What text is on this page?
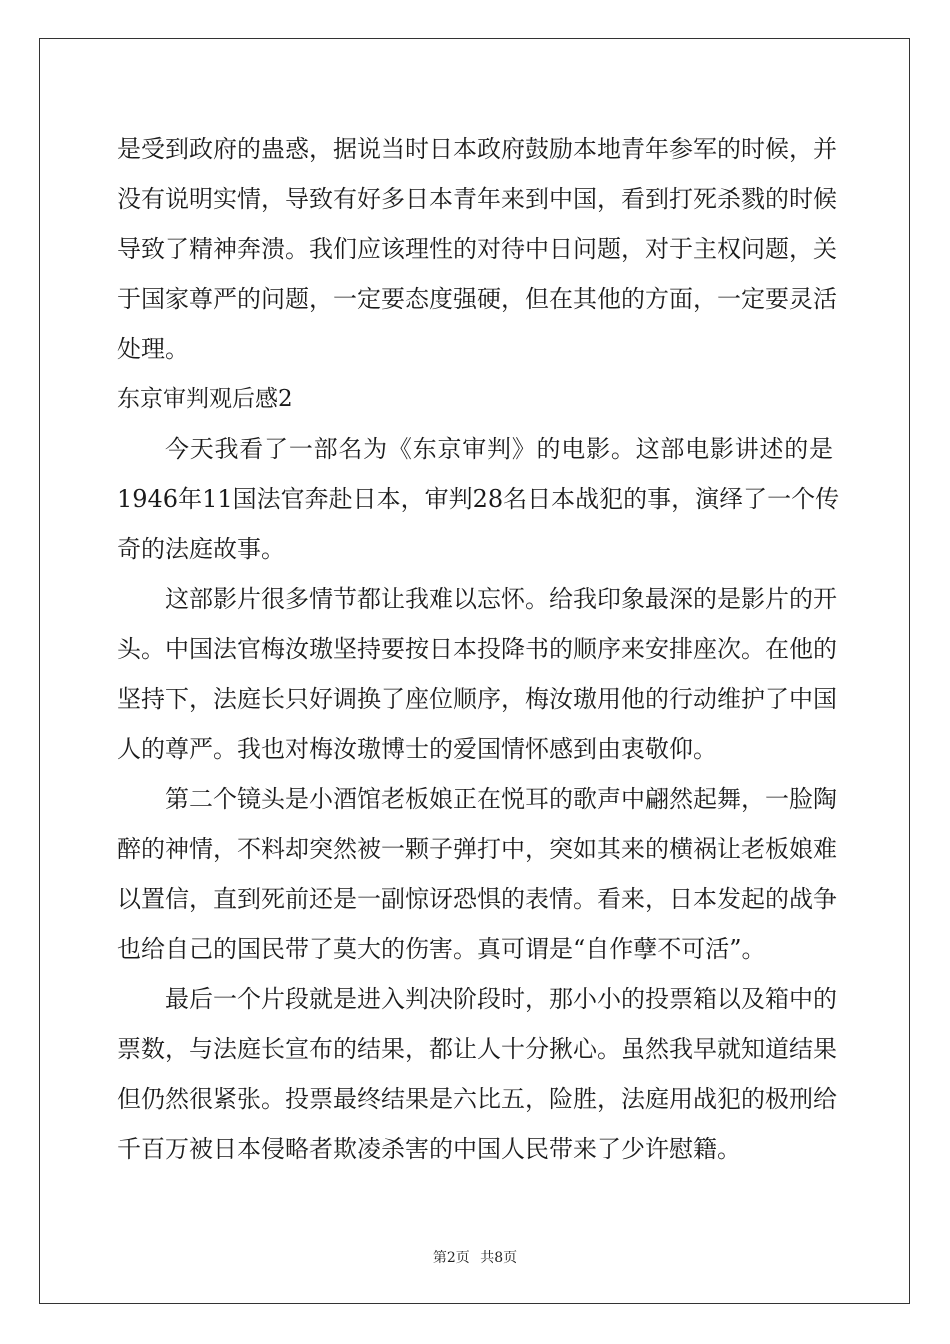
是受到政府的蛊惑，据说当时日本政府鼓励本地青年参军的时候，并
没有说明实情，导致有好多日本青年来到中国，看到打死杀戮的时候
导致了精神奔溃。我们应该理性的对待中日问题，对于主权问题，关
于国家尊严的问题，一定要态度强硬，但在其他的方面，一定要灵活
处理。
东京审判观后感2
今天我看了一部名为《东京审判》的电影。这部电影讲述的是
1946年11国法官奔赴日本，审判28名日本战犯的事，演绎了一个传
奇的法庭故事。
这部影片很多情节都让我难以忘怀。给我印象最深的是影片的开
头。中国法官梅汝璈坚持要按日本投降书的顺序来安排座次。在他的
坚持下，法庭长只好调换了座位顺序，梅汝璈用他的行动维护了中国
人的尊严。我也对梅汝璈博士的爱国情怀感到由衷敬仰。
第二个镜头是小酒馆老板娘正在悦耳的歌声中翩然起舞，一脸陶
醉的神情，不料却突然被一颗子弹打中，突如其来的横祸让老板娘难
以置信，直到死前还是一副惊讶恐惧的表情。看来，日本发起的战争
也给自己的国民带了莫大的伤害。真可谓是“自作孽不可活”。
最后一个片段就是进入判决阶段时，那小小的投票箱以及箱中的
票数，与法庭长宣布的结果，都让人十分揪心。虽然我早就知道结果
但仍然很紧张。投票最终结果是六比五，险胜，法庭用战犯的极刑给
千百万被日本侵略者欺凌杀害的中国人民带来了少许慰籍。
第2页 共8页
